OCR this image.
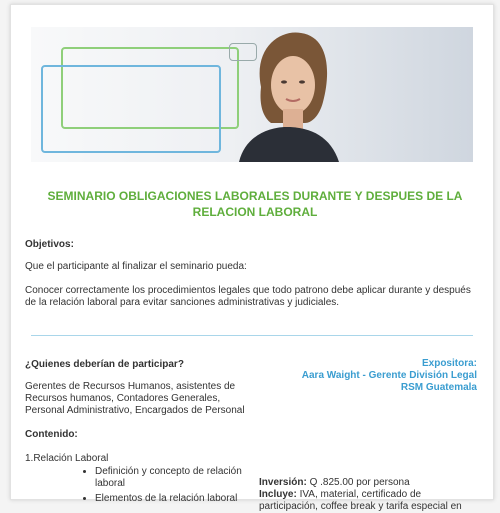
SEMINARIO OBLIGACIONES LABORALES DURANTE Y DESPUES DE LA RELACION LABORAL
Objetivos:
Que el participante al finalizar el seminario pueda:
Conocer correctamente los procedimientos legales que todo patrono debe aplicar durante y después de la relación laboral para evitar sanciones administrativas y judiciales.
¿Quienes deberían de participar?
Gerentes de Recursos Humanos, asistentes de Recursos humanos, Contadores Generales, Personal Administrativo, Encargados de Personal
Expositora:
Aara Waight - Gerente División Legal
RSM Guatemala
Contenido:
1.Relación Laboral
• Definición y concepto de relación laboral
• Elementos de la relación laboral
Inversión: Q .825.00 por persona
Incluye: IVA, material, certificado de participación, coffee break y tarifa especial en
